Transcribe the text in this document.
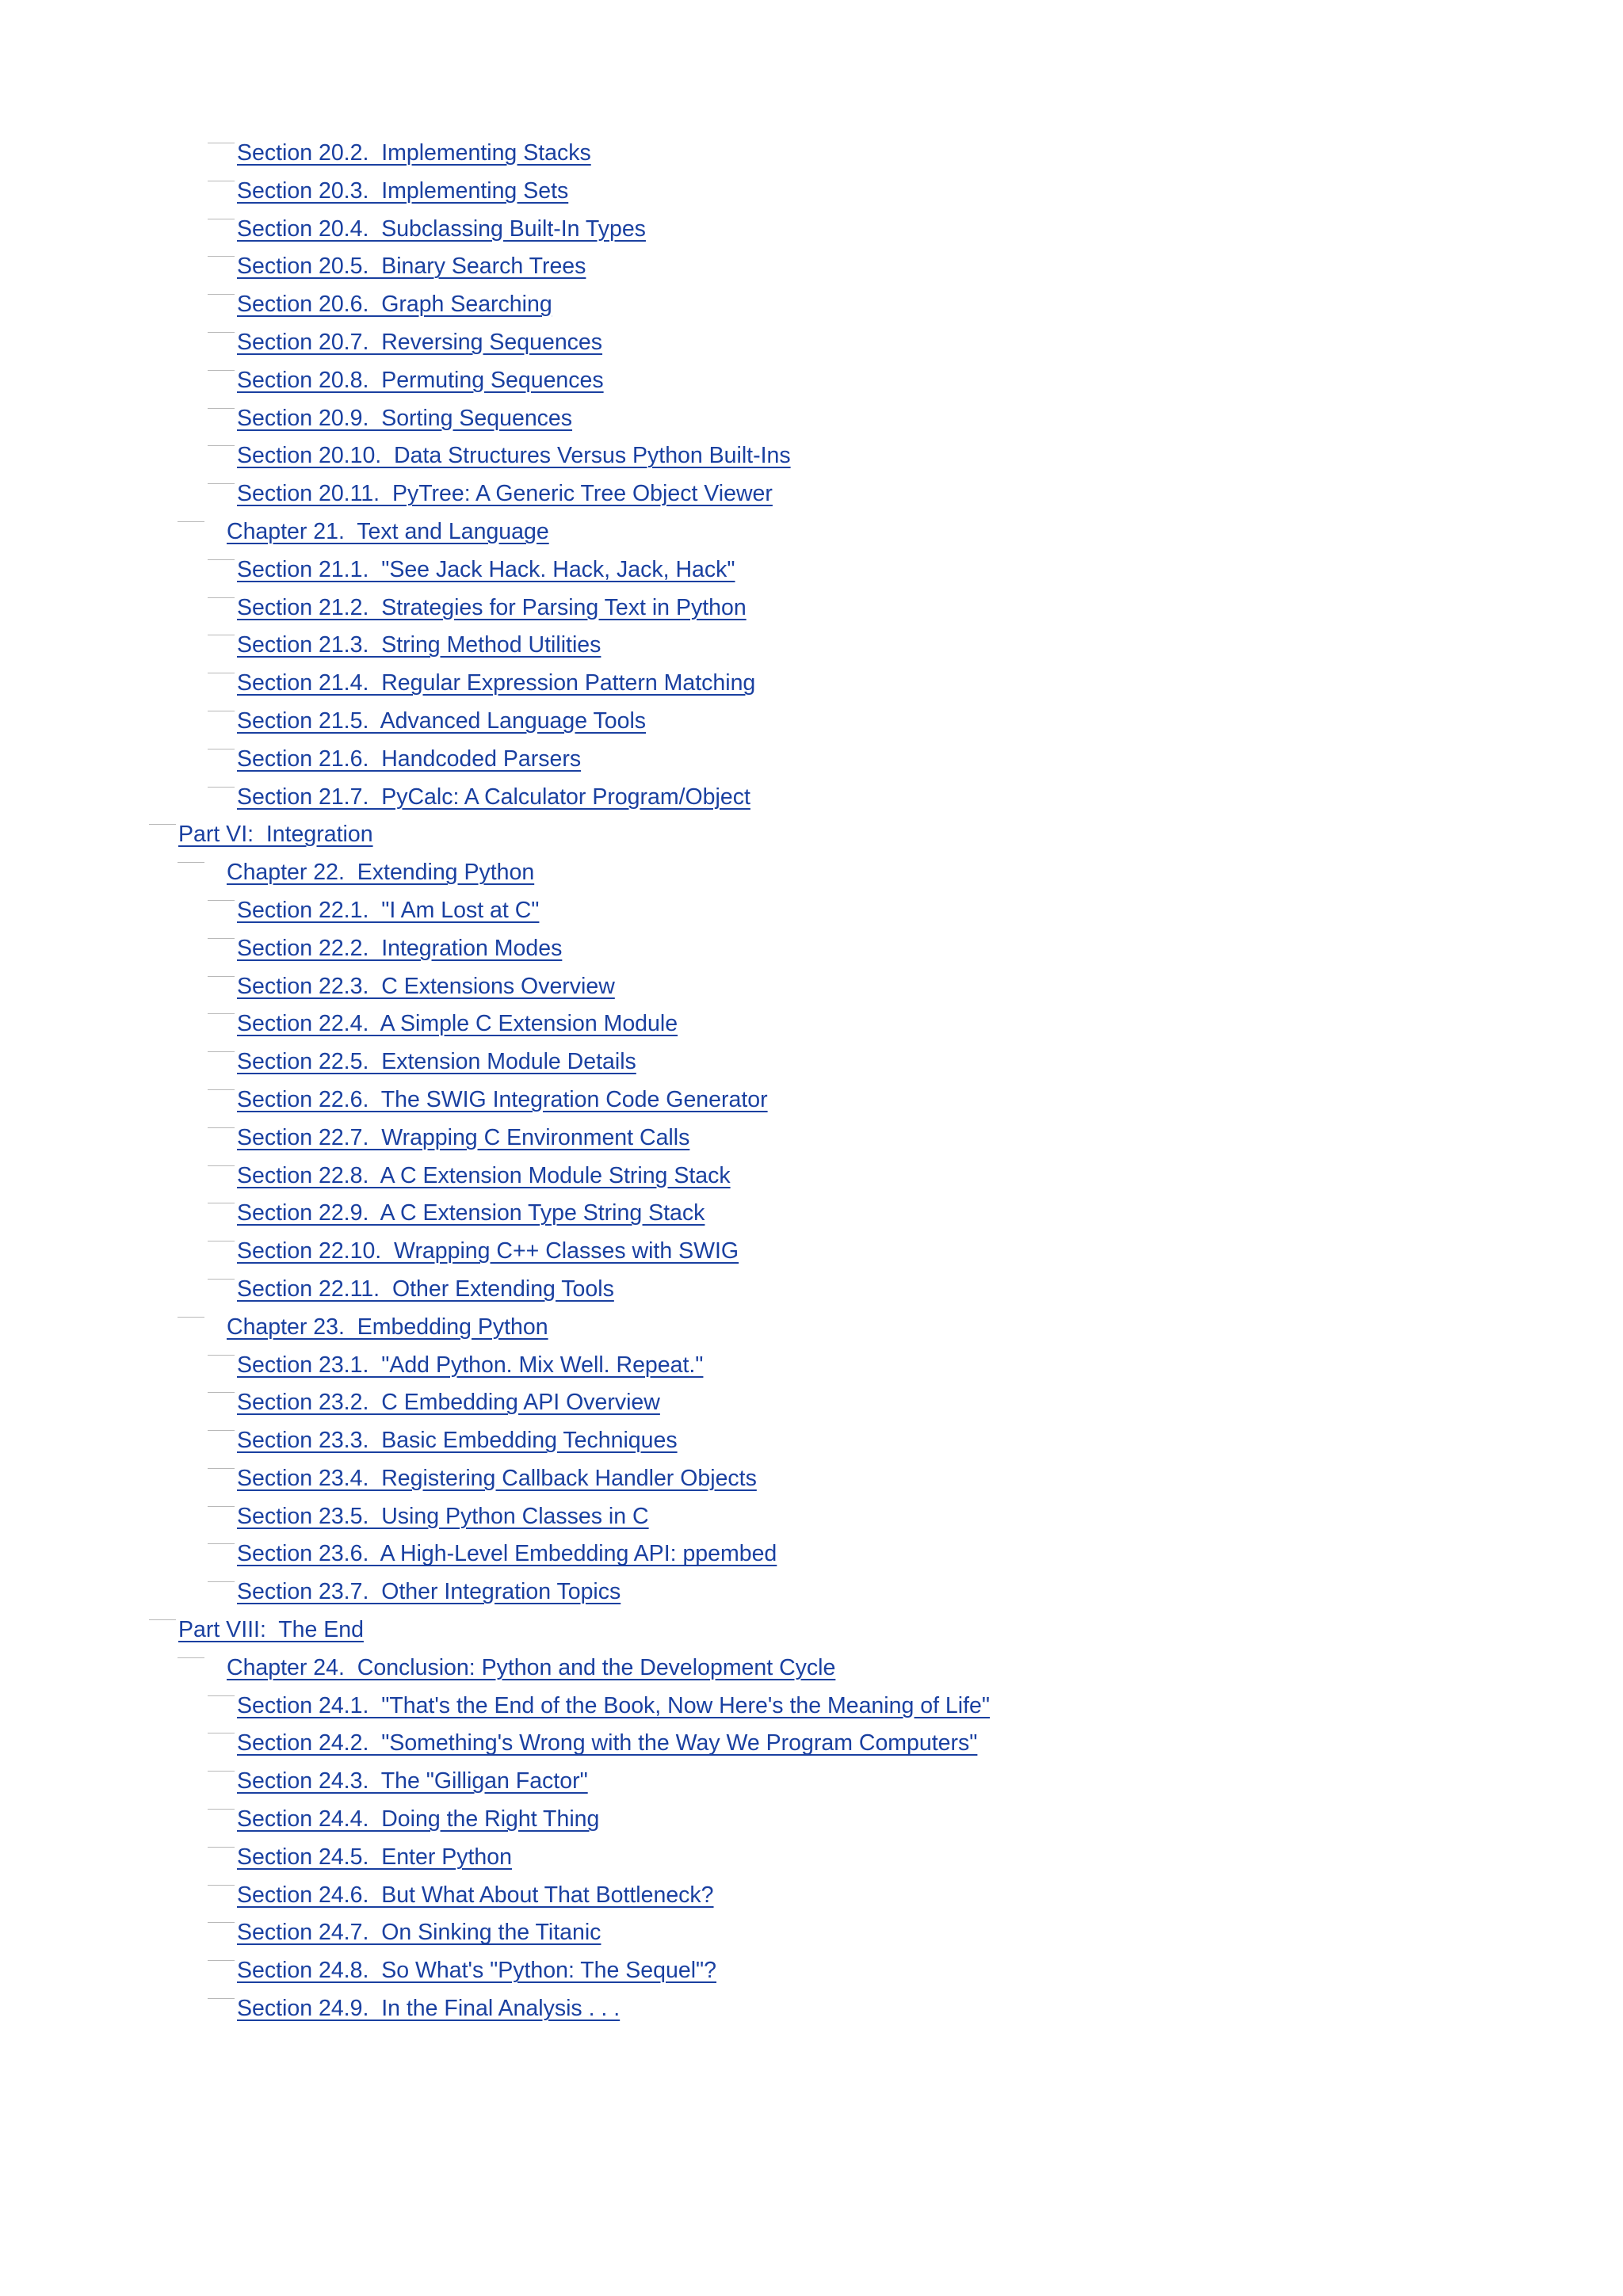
Section 20.2.  Implementing Stacks
Section 20.3.  Implementing Sets
Section 20.4.  Subclassing Built-In Types
Section 20.5.  Binary Search Trees
Section 20.6.  Graph Searching
Section 20.7.  Reversing Sequences
Section 20.8.  Permuting Sequences
Section 20.9.  Sorting Sequences
Section 20.10.  Data Structures Versus Python Built-Ins
Section 20.11.  PyTree: A Generic Tree Object Viewer
Chapter 21.  Text and Language
Section 21.1.  "See Jack Hack. Hack, Jack, Hack"
Section 21.2.  Strategies for Parsing Text in Python
Section 21.3.  String Method Utilities
Section 21.4.  Regular Expression Pattern Matching
Section 21.5.  Advanced Language Tools
Section 21.6.  Handcoded Parsers
Section 21.7.  PyCalc: A Calculator Program/Object
Part VI:  Integration
Chapter 22.  Extending Python
Section 22.1.  "I Am Lost at C"
Section 22.2.  Integration Modes
Section 22.3.  C Extensions Overview
Section 22.4.  A Simple C Extension Module
Section 22.5.  Extension Module Details
Section 22.6.  The SWIG Integration Code Generator
Section 22.7.  Wrapping C Environment Calls
Section 22.8.  A C Extension Module String Stack
Section 22.9.  A C Extension Type String Stack
Section 22.10.  Wrapping C++ Classes with SWIG
Section 22.11.  Other Extending Tools
Chapter 23.  Embedding Python
Section 23.1.  "Add Python. Mix Well. Repeat."
Section 23.2.  C Embedding API Overview
Section 23.3.  Basic Embedding Techniques
Section 23.4.  Registering Callback Handler Objects
Section 23.5.  Using Python Classes in C
Section 23.6.  A High-Level Embedding API: ppembed
Section 23.7.  Other Integration Topics
Part VIII:  The End
Chapter 24.  Conclusion: Python and the Development Cycle
Section 24.1.  "That's the End of the Book, Now Here's the Meaning of Life"
Section 24.2.  "Something's Wrong with the Way We Program Computers"
Section 24.3.  The "Gilligan Factor"
Section 24.4.  Doing the Right Thing
Section 24.5.  Enter Python
Section 24.6.  But What About That Bottleneck?
Section 24.7.  On Sinking the Titanic
Section 24.8.  So What's "Python: The Sequel"?
Section 24.9.  In the Final Analysis . . .
